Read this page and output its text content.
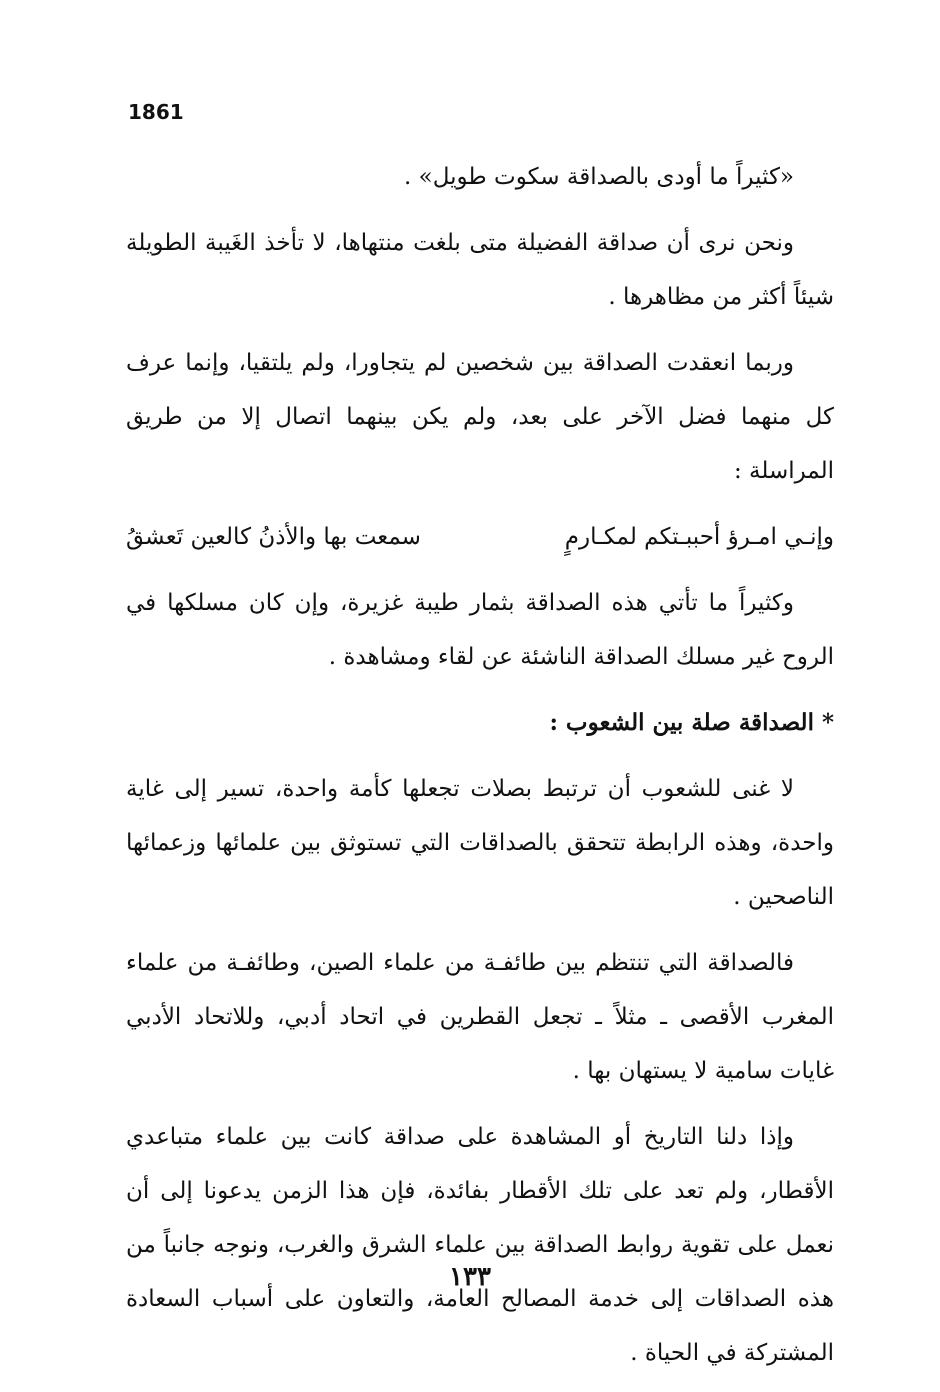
1861

«كثيراً ما أودى بالصداقة سكوت طويل» .

ونحن نرى أن صداقة الفضيلة متى بلغت منتهاها، لا تأخذ الغَيبة الطويلة شيئاً أكثر من مظاهرها .

وربما انعقدت الصداقة بين شخصين لم يتجاورا، ولم يلتقيا، وإنما عرف كل منهما فضل الآخر على بعد، ولم يكن بينهما اتصال إلا من طريق المراسلة :

وإنـي امـرؤ أحببـتكم لمكـارمٍ
سمعت بها والأذنُ كالعين تَعشقُ

وكثيراً ما تأتي هذه الصداقة بثمار طيبة غزيرة، وإن كان مسلكها في الروح غير مسلك الصداقة الناشئة عن لقاء ومشاهدة .

* الصداقة صلة بين الشعوب :

لا غنى للشعوب أن ترتبط بصلات تجعلها كأمة واحدة، تسير إلى غاية واحدة، وهذه الرابطة تتحقق بالصداقات التي تستوثق بين علمائها وزعمائها الناصحين .

فالصداقة التي تنتظم بين طائفـة من علماء الصين، وطائفـة من علماء المغرب الأقصى ـ مثلاً ـ تجعل القطرين في اتحاد أدبي، وللاتحاد الأدبي غايات سامية لا يستهان بها .

وإذا دلنا التاريخ أو المشاهدة على صداقة كانت بين علماء متباعدي الأقطار، ولم تعد على تلك الأقطار بفائدة، فإن هذا الزمن يدعونا إلى أن نعمل على تقوية روابط الصداقة بين علماء الشرق والغرب، ونوجه جانباً من هذه الصداقات إلى خدمة المصالح العامة، والتعاون على أسباب السعادة المشتركة في الحياة .

١٣٣
